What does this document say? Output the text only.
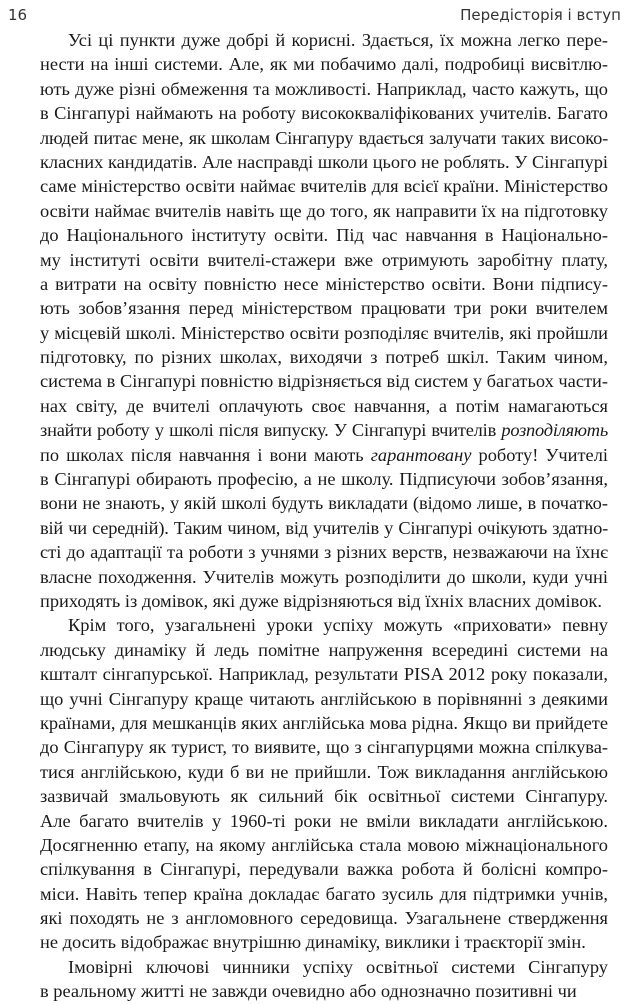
16	Передісторія і вступ
Усі ці пункти дуже добрі й корисні. Здається, їх можна легко пере-
нести на інші системи. Але, як ми побачимо далі, подробиці висвітлю-
ють дуже різні обмеження та можливості. Наприклад, часто кажуть, що
в Сінгапурі наймають на роботу висококваліфікованих учителів. Багато
людей питає мене, як школам Сінгапуру вдається залучати таких високо-
класних кандидатів. Але насправді школи цього не роблять. У Сінгапурі
саме міністерство освіти наймає вчителів для всієї країни. Міністерство
освіти наймає вчителів навіть ще до того, як направити їх на підготовку
до Національного інституту освіти. Під час навчання в Національно-
му інституті освіти вчителі-стажери вже отримують заробітну плату,
а витрати на освіту повністю несе міністерство освіти. Вони підпису-
ють зобов’язання перед міністерством працювати три роки вчителем
у місцевій школі. Міністерство освіти розподіляє вчителів, які пройшли
підготовку, по різних школах, виходячи з потреб шкіл. Таким чином,
система в Сінгапурі повністю відрізняється від систем у багатьох части-
нах світу, де вчителі оплачують своє навчання, а потім намагаються
знайти роботу у школі після випуску. У Сінгапурі вчителів розподіляють
по школах після навчання і вони мають гарантовану роботу! Учителі
в Сінгапурі обирають професію, а не школу. Підписуючи зобов’язання,
вони не знають, у якій школі будуть викладати (відомо лише, в початко-
вій чи середній). Таким чином, від учителів у Сінгапурі очікують здатно-
сті до адаптації та роботи з учнями з різних верств, незважаючи на їхнє
власне походження. Учителів можуть розподілити до школи, куди учні
приходять із домівок, які дуже відрізняються від їхніх власних домівок.
Крім того, узагальнені уроки успіху можуть «приховати» певну
людську динаміку й ледь помітне напруження всередині системи на
кшталт сінгапурської. Наприклад, результати PISA 2012 року показали,
що учні Сінгапуру краще читають англійською в порівнянні з деякими
країнами, для мешканців яких англійська мова рідна. Якщо ви прийдете
до Сінгапуру як турист, то виявите, що з сінгапурцями можна спілкува-
тися англійською, куди б ви не прийшли. Тож викладання англійською
зазвичай змальовують як сильний бік освітньої системи Сінгапуру.
Але багато вчителів у 1960-ті роки не вміли викладати англійською.
Досягненню етапу, на якому англійська стала мовою міжнаціонального
спілкування в Сінгапурі, передували важка робота й болісні компро-
міси. Навіть тепер країна докладає багато зусиль для підтримки учнів,
які походять не з англомовного середовища. Узагальнене ствердження
не досить відображає внутрішню динаміку, виклики і траєкторії змін.
Імовірні ключові чинники успіху освітньої системи Сінгапуру
в реальному житті не завжди очевидно або однозначно позитивні чи
